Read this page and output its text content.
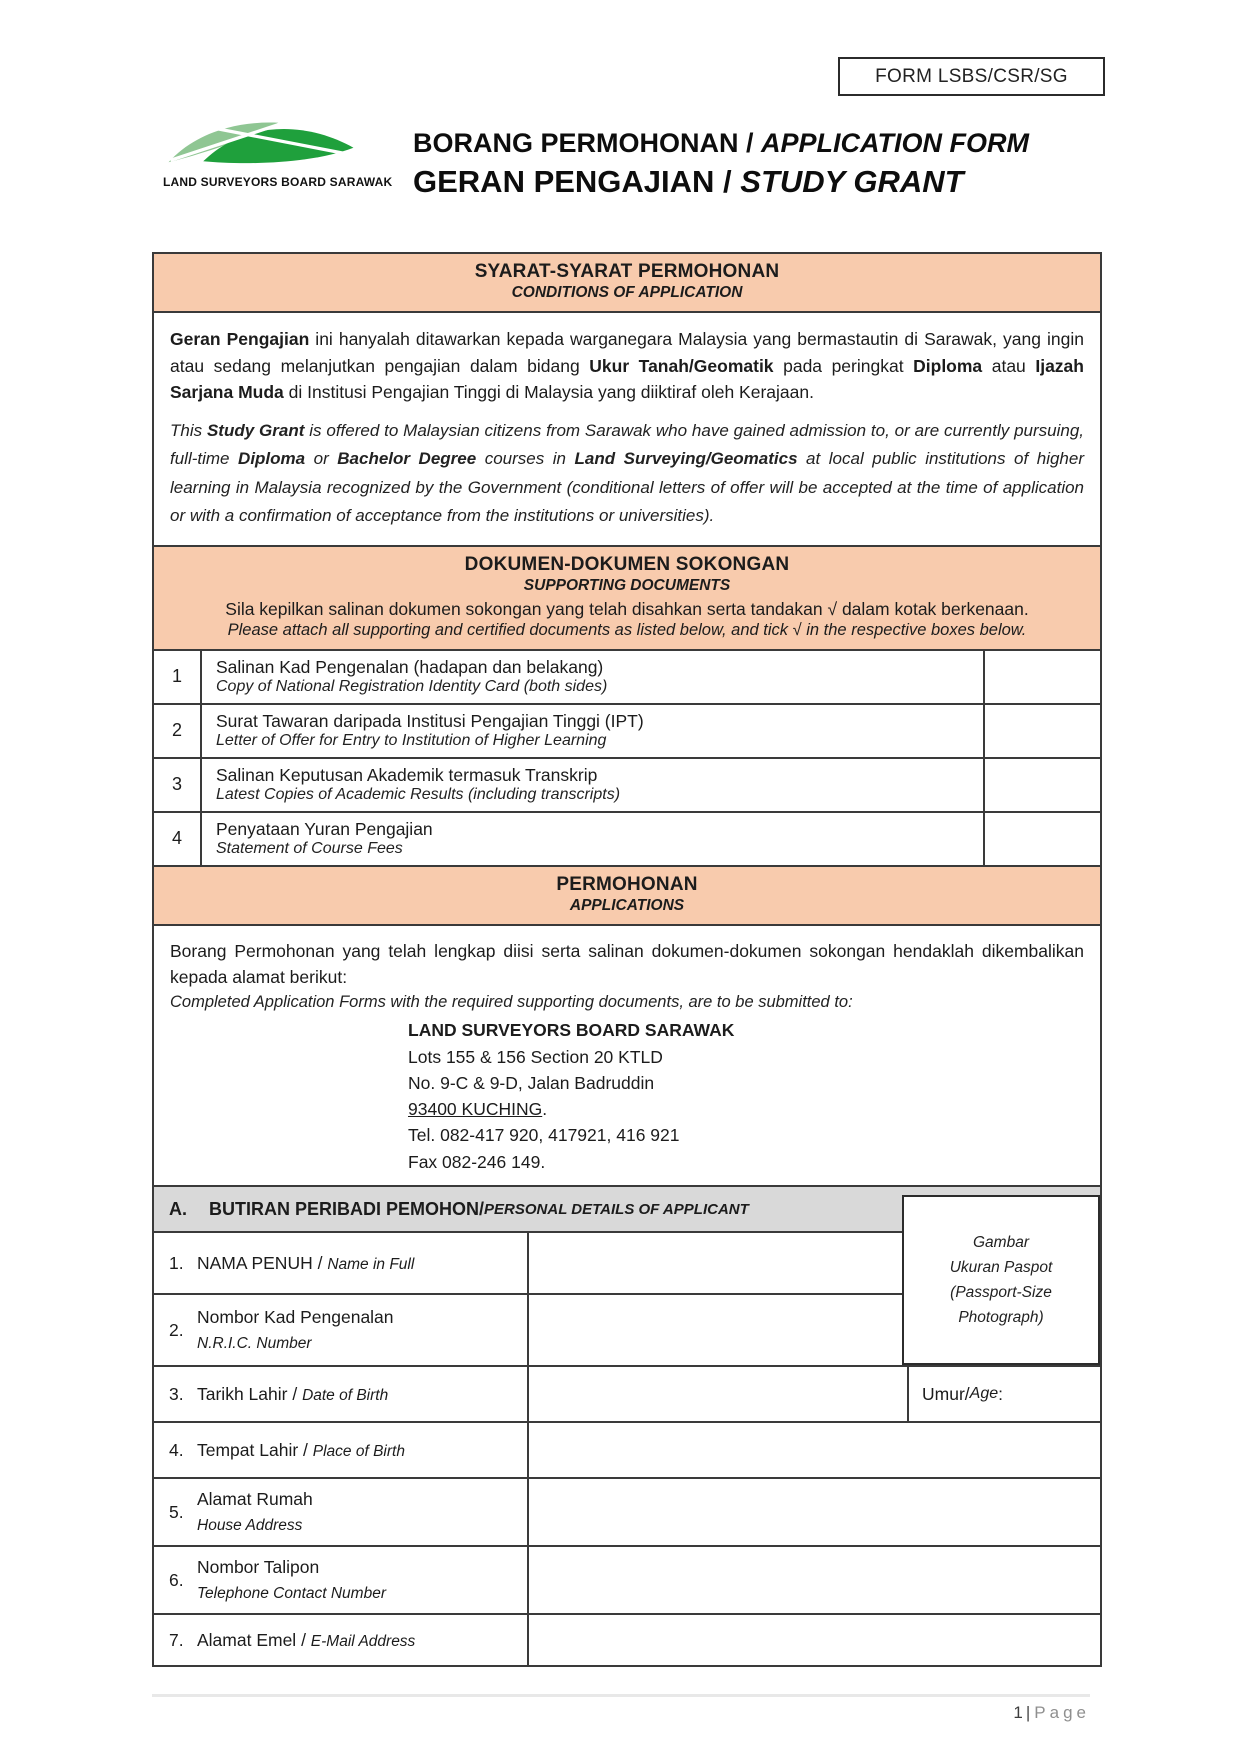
FORM LSBS/CSR/SG
LAND SURVEYORS BOARD SARAWAK
BORANG PERMOHONAN / APPLICATION FORM
GERAN PENGAJIAN / STUDY GRANT
SYARAT-SYARAT PERMOHONAN
CONDITIONS OF APPLICATION

Geran Pengajian ini hanyalah ditawarkan kepada warganegara Malaysia yang bermastautin di Sarawak, yang ingin atau sedang melanjutkan pengajian dalam bidang Ukur Tanah/Geomatik pada peringkat Diploma atau Ijazah Sarjana Muda di Institusi Pengajian Tinggi di Malaysia yang diiktiraf oleh Kerajaan.

This Study Grant is offered to Malaysian citizens from Sarawak who have gained admission to, or are currently pursuing, full-time Diploma or Bachelor Degree courses in Land Surveying/Geomatics at local public institutions of higher learning in Malaysia recognized by the Government (conditional letters of offer will be accepted at the time of application or with a confirmation of acceptance from the institutions or universities).

DOKUMEN-DOKUMEN SOKONGAN
SUPPORTING DOCUMENTS
Sila kepilkan salinan dokumen sokongan yang telah disahkan serta tandakan √ dalam kotak berkenaan.
Please attach all supporting and certified documents as listed below, and tick √ in the respective boxes below.
1	Salinan Kad Pengenalan (hadapan dan belakang)
Copy of National Registration Identity Card (both sides)
2	Surat Tawaran daripada Institusi Pengajian Tinggi (IPT)
Letter of Offer for Entry to Institution of Higher Learning
3	Salinan Keputusan Akademik termasuk Transkrip
Latest Copies of Academic Results (including transcripts)
4	Penyataan Yuran Pengajian
Statement of Course Fees
PERMOHONAN
APPLICATIONS

Borang Permohonan yang telah lengkap diisi serta salinan dokumen-dokumen sokongan hendaklah dikembalikan kepada alamat berikut:

Completed Application Forms with the required supporting documents, are to be submitted to:

LAND SURVEYORS BOARD SARAWAK
Lots 155 & 156 Section 20 KTLD
No. 9-C & 9-D, Jalan Badruddin
93400 KUCHING.
Tel. 082-417 920, 417921, 416 921
Fax 082-246 149.
A. BUTIRAN PERIBADI PEMOHON / PERSONAL DETAILS OF APPLICANT
Gambar
Ukuran Paspot
(Passport-Size
Photograph)
1. NAMA PENUH / Name in Full
2.
Nombor Kad Pengenalan
N.R.I.C. Number
3. Tarikh Lahir / Date of Birth	Umur / Age :
4. Tempat Lahir / Place of Birth
5.
Alamat Rumah
House Address
6.
Nombor Talipon
Telephone Contact Number
7. Alamat Emel / E-Mail Address
1 | Page
